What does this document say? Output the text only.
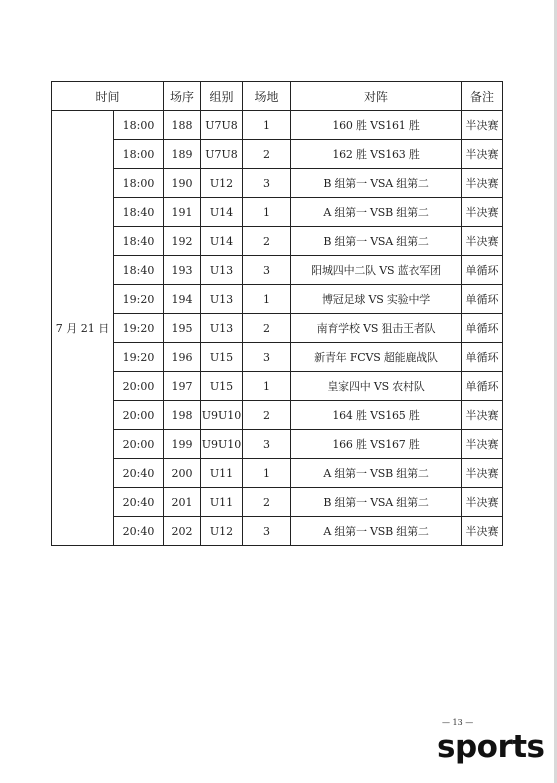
时间		场序	组别	场地	对阵	备注
7 月 21 日	18:00	188	U7U8	1	160 胜 VS161 胜	半决赛
	18:00	189	U7U8	2	162 胜 VS163 胜	半决赛
	18:00	190	U12	3	B 组第一 VSA 组第二	半决赛
	18:40	191	U14	1	A 组第一 VSB 组第二	半决赛
	18:40	192	U14	2	B 组第一 VSA 组第二	半决赛
	18:40	193	U13	3	阳城四中二队 VS 蓝衣军团	单循环
	19:20	194	U13	1	博冠足球 VS 实验中学	单循环
	19:20	195	U13	2	南育学校 VS 狙击王者队	单循环
	19:20	196	U15	3	新青年 FCVS 超能鹿战队	单循环
	20:00	197	U15	1	皇家四中 VS 农村队	单循环
	20:00	198	U9U10	2	164 胜 VS165 胜	半决赛
	20:00	199	U9U10	3	166 胜 VS167 胜	半决赛
	20:40	200	U11	1	A 组第一 VSB 组第二	半决赛
	20:40	201	U11	2	B 组第一 VSA 组第二	半决赛
	20:40	202	U12	3	A 组第一 VSB 组第二	半决赛
— 13 —
sports
